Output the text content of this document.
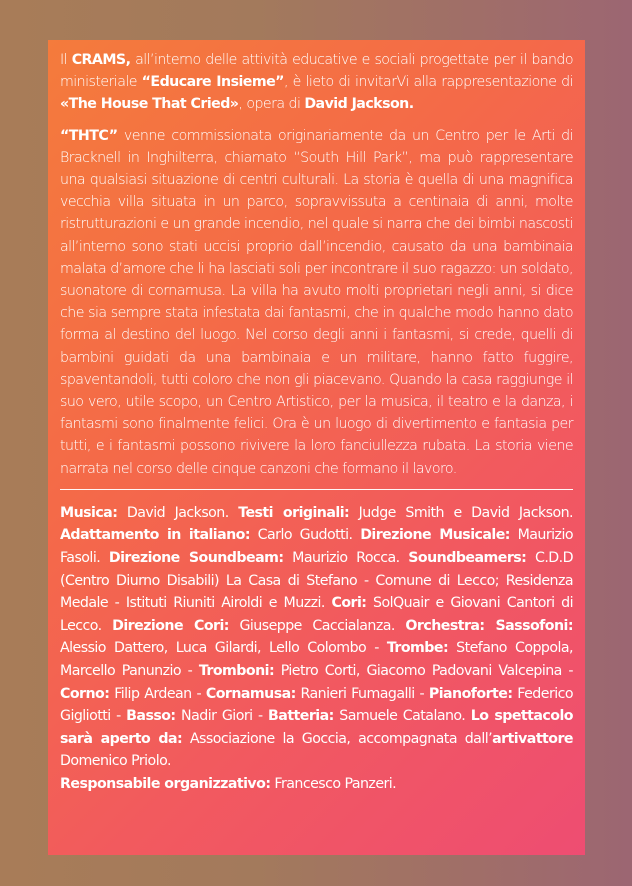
Il CRAMS, all’interno delle attività educative e sociali progettate per il bando ministeriale “Educare Insieme”, è lieto di invitarVi alla rappresentazione di «The House That Cried», opera di David Jackson.

“THTC” venne commissionata originariamente da un Centro per le Arti di Bracknell in Inghilterra, chiamato “South Hill Park”, ma può rappresentare una qualsiasi situazione di centri culturali. La storia è quella di una magnifica vecchia villa situata in un parco, sopravvissuta a centinaia di anni, molte ristrutturazioni e un grande incendio, nel quale si narra che dei bimbi nascosti all’interno sono stati uccisi proprio dall’incendio, causato da una bambinaia malata d’amore che li ha lasciati soli per incontrare il suo ragazzo: un soldato, suonatore di cornamusa. La villa ha avuto molti proprietari negli anni, si dice che sia sempre stata infestata dai fantasmi, che in qualche modo hanno dato forma al destino del luogo. Nel corso degli anni i fantasmi, si crede, quelli di bambini guidati da una bambinaia e un militare, hanno fatto fuggire, spaventandoli, tutti coloro che non gli piacevano. Quando la casa raggiunge il suo vero, utile scopo, un Centro Artistico, per la musica, il teatro e la danza, i fantasmi sono finalmente felici. Ora è un luogo di divertimento e fantasia per tutti, e i fantasmi possono rivivere la loro fanciullezza rubata. La storia viene narrata nel corso delle cinque canzoni che formano il lavoro.

Musica: David Jackson. Testi originali: Judge Smith e David Jackson. Adattamento in italiano: Carlo Gudotti. Direzione Musicale: Maurizio Fasoli. Direzione Soundbeam: Maurizio Rocca. Soundbeamers: C.D.D (Centro Diurno Disabili) La Casa di Stefano - Comune di Lecco; Residenza Medale - Istituti Riuniti Airoldi e Muzzi. Cori: SolQuair e Giovani Cantori di Lecco. Direzione Cori: Giuseppe Caccialanza. Orchestra: Sassofoni: Alessio Dattero, Luca Gilardi, Lello Colombo - Trombe: Stefano Coppola, Marcello Panunzio - Tromboni: Pietro Corti, Giacomo Padovani Valcepina - Corno: Filip Ardean - Cornamusa: Ranieri Fumagalli - Pianoforte: Federico Gigliotti - Basso: Nadir Giori - Batteria: Samuele Catalano. Lo spettacolo sarà aperto da: Associazione la Goccia, accompagnata dall’artivattore Domenico Priolo.
Responsabile organizzativo: Francesco Panzeri.
